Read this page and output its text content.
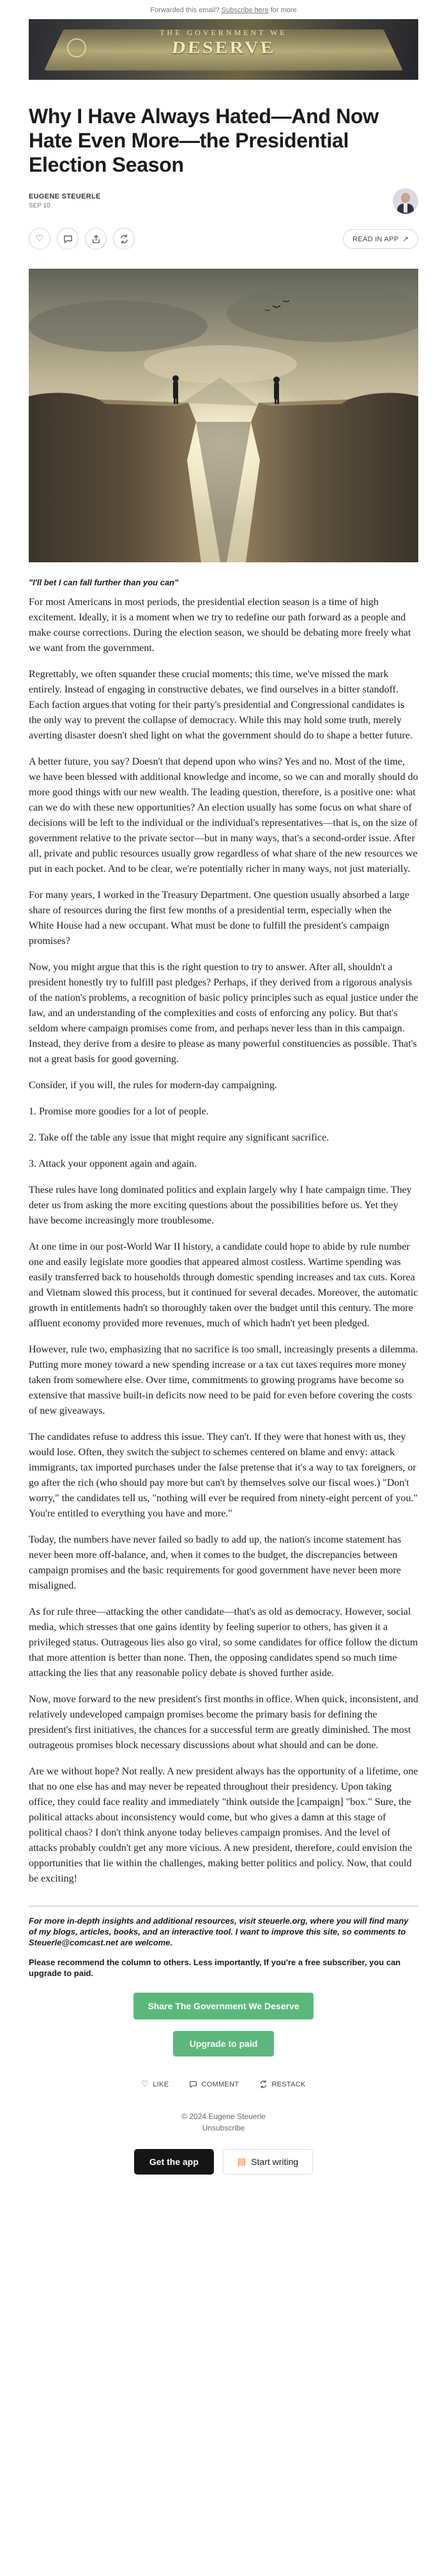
Forwarded this email? Subscribe here for more
THE GOVERNMENT WE
DESERVE
Why I Have Always Hated—And Now Hate Even More—the Presidential Election Season
EUGENE STEUERLE
SEP 10
♡	READ IN APP ↗
"I'll bet I can fall further than you can"

For most Americans in most periods, the presidential election season is a time of high excitement. Ideally, it is a moment when we try to redefine our path forward as a people and make course corrections. During the election season, we should be debating more freely what we want from the government.

Regrettably, we often squander these crucial moments; this time, we've missed the mark entirely. Instead of engaging in constructive debates, we find ourselves in a bitter standoff. Each faction argues that voting for their party's presidential and Congressional candidates is the only way to prevent the collapse of democracy. While this may hold some truth, merely averting disaster doesn't shed light on what the government should do to shape a better future.

A better future, you say? Doesn't that depend upon who wins? Yes and no. Most of the time, we have been blessed with additional knowledge and income, so we can and morally should do more good things with our new wealth. The leading question, therefore, is a positive one: what can we do with these new opportunities? An election usually has some focus on what share of decisions will be left to the individual or the individual's representatives—that is, on the size of government relative to the private sector—but in many ways, that's a second-order issue. After all, private and public resources usually grow regardless of what share of the new resources we put in each pocket. And to be clear, we're potentially richer in many ways, not just materially.

For many years, I worked in the Treasury Department. One question usually absorbed a large share of resources during the first few months of a presidential term, especially when the White House had a new occupant. What must be done to fulfill the president's campaign promises?

Now, you might argue that this is the right question to try to answer. After all, shouldn't a president honestly try to fulfill past pledges? Perhaps, if they derived from a rigorous analysis of the nation's problems, a recognition of basic policy principles such as equal justice under the law, and an understanding of the complexities and costs of enforcing any policy. But that's seldom where campaign promises come from, and perhaps never less than in this campaign. Instead, they derive from a desire to please as many powerful constituencies as possible. That's not a great basis for good governing.

Consider, if you will, the rules for modern-day campaigning.

1. Promise more goodies for a lot of people.

2. Take off the table any issue that might require any significant sacrifice.

3. Attack your opponent again and again.

These rules have long dominated politics and explain largely why I hate campaign time. They deter us from asking the more exciting questions about the possibilities before us. Yet they have become increasingly more troublesome.

At one time in our post-World War II history, a candidate could hope to abide by rule number one and easily legislate more goodies that appeared almost costless. Wartime spending was easily transferred back to households through domestic spending increases and tax cuts. Korea and Vietnam slowed this process, but it continued for several decades. Moreover, the automatic growth in entitlements hadn't so thoroughly taken over the budget until this century. The more affluent economy provided more revenues, much of which hadn't yet been pledged.

However, rule two, emphasizing that no sacrifice is too small, increasingly presents a dilemma. Putting more money toward a new spending increase or a tax cut taxes requires more money taken from somewhere else. Over time, commitments to growing programs have become so extensive that massive built-in deficits now need to be paid for even before covering the costs of new giveaways.

The candidates refuse to address this issue. They can't. If they were that honest with us, they would lose. Often, they switch the subject to schemes centered on blame and envy: attack immigrants, tax imported purchases under the false pretense that it's a way to tax foreigners, or go after the rich (who should pay more but can't by themselves solve our fiscal woes.) "Don't worry," the candidates tell us, "nothing will ever be required from ninety-eight percent of you." You're entitled to everything you have and more."

Today, the numbers have never failed so badly to add up, the nation's income statement has never been more off-balance, and, when it comes to the budget, the discrepancies between campaign promises and the basic requirements for good government have never been more misaligned.

As for rule three—attacking the other candidate—that's as old as democracy. However, social media, which stresses that one gains identity by feeling superior to others, has given it a privileged status. Outrageous lies also go viral, so some candidates for office follow the dictum that more attention is better than none. Then, the opposing candidates spend so much time attacking the lies that any reasonable policy debate is shoved further aside.

Now, move forward to the new president's first months in office. When quick, inconsistent, and relatively undeveloped campaign promises become the primary basis for defining the president's first initiatives, the chances for a successful term are greatly diminished. The most outrageous promises block necessary discussions about what should and can be done.

Are we without hope? Not really. A new president always has the opportunity of a lifetime, one that no one else has and may never be repeated throughout their presidency. Upon taking office, they could face reality and immediately "think outside the [campaign] "box." Sure, the political attacks about inconsistency would come, but who gives a damn at this stage of political chaos? I don't think anyone today believes campaign promises. And the level of attacks probably couldn't get any more vicious. A new president, therefore, could envision the opportunities that lie within the challenges, making better politics and policy. Now, that could be exciting!

For more in-depth insights and additional resources, visit steuerle.org, where you will find many of my blogs, articles, books, and an interactive tool. I want to improve this site, so comments to Steuerle@comcast.net are welcome.
Please recommend the column to others. Less importantly, If you're a free subscriber, you can upgrade to paid.
Share The Government We Deserve
Upgrade to paid
♡ LIKE	COMMENT	RESTACK
© 2024 Eugene Steuerle
Unsubscribe
Get the app	▤ Start writing
